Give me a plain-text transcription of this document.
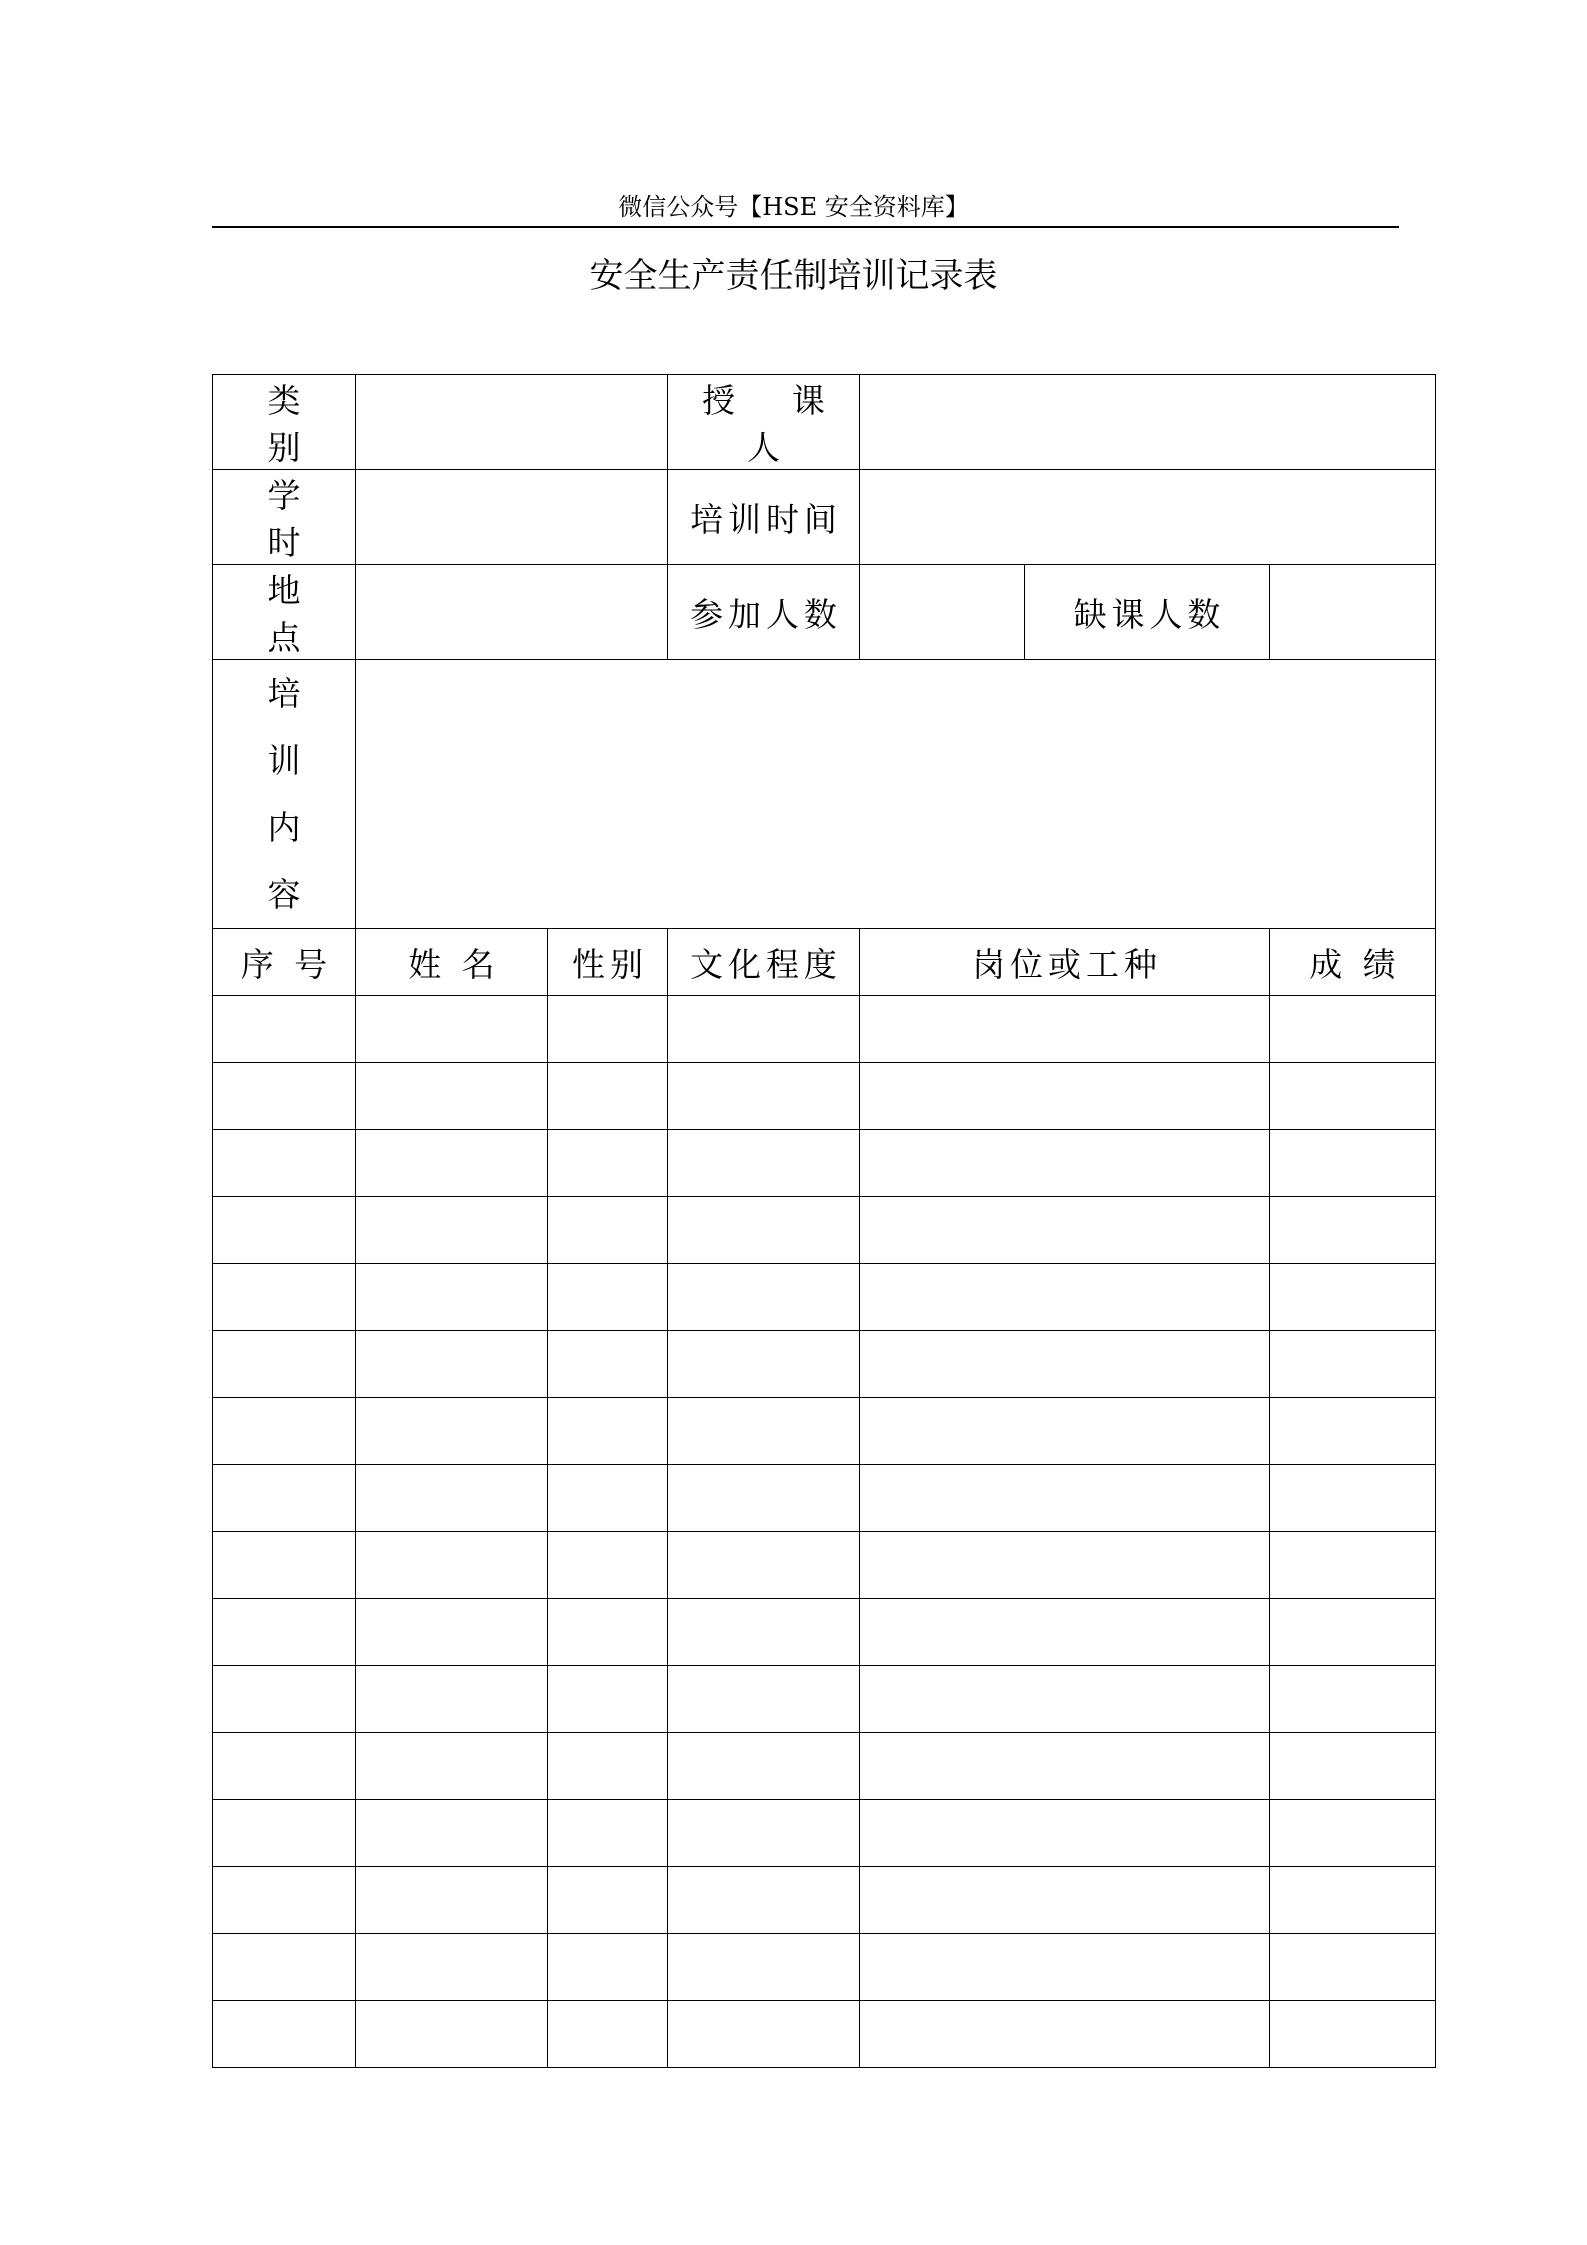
微信公众号【HSE 安全资料库】
安全生产责任制培训记录表
类 别			授 课 人			
学 时			培训时间			
地 点			参加人数		缺课人数	

培
训
内
容						

序 号	姓 名	性别	文化程度	岗位或工种		成 绩
